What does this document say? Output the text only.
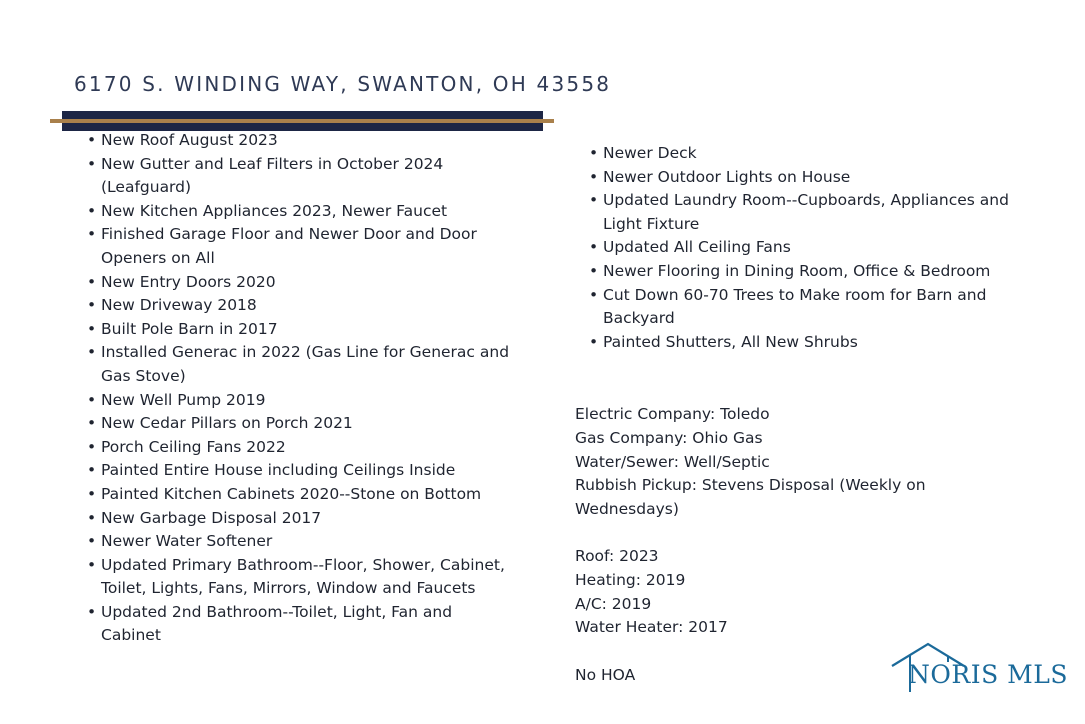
6170 S. WINDING WAY, SWANTON, OH 43558
• New Roof August 2023
• New Gutter and Leaf Filters in October 2024 (Leafguard)
• New Kitchen Appliances 2023, Newer Faucet
• Finished Garage Floor and Newer Door and Door Openers on All
• New Entry Doors 2020
• New Driveway 2018
• Built Pole Barn in 2017
• Installed Generac in 2022 (Gas Line for Generac and Gas Stove)
• New Well Pump 2019
• New Cedar Pillars on Porch 2021
• Porch Ceiling Fans 2022
• Painted Entire House including Ceilings Inside
• Painted Kitchen Cabinets 2020--Stone on Bottom
• New Garbage Disposal 2017
• Newer Water Softener
• Updated Primary Bathroom--Floor, Shower, Cabinet, Toilet, Lights, Fans, Mirrors, Window and Faucets
• Updated 2nd Bathroom--Toilet, Light, Fan and Cabinet
• Newer Deck
• Newer Outdoor Lights on House
• Updated Laundry Room--Cupboards, Appliances and Light Fixture
• Updated All Ceiling Fans
• Newer Flooring in Dining Room, Office & Bedroom
• Cut Down 60-70 Trees to Make room for Barn and Backyard
• Painted Shutters, All New Shrubs

Electric Company: Toledo

Gas Company: Ohio Gas

Water/Sewer: Well/Septic

Rubbish Pickup: Stevens Disposal (Weekly on Wednesdays)

Roof: 2023

Heating: 2019

A/C: 2019

Water Heater: 2017

No HOA	NORIS MLS
